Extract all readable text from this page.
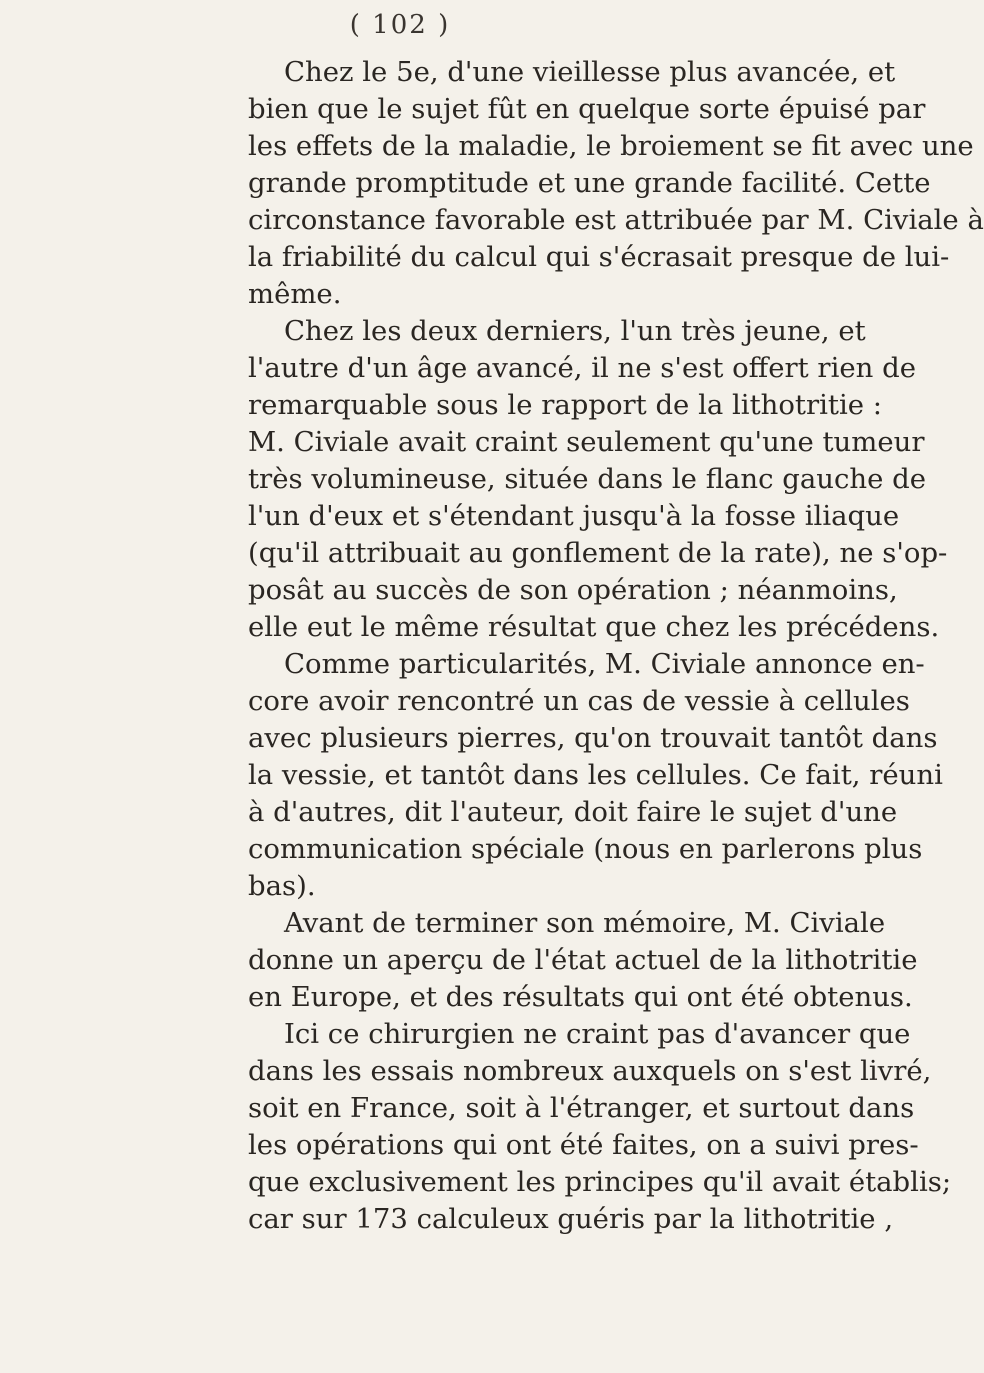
( 102 )
Chez le 5e, d'une vieillesse plus avancée, et
bien que le sujet fût en quelque sorte épuisé par
les effets de la maladie, le broiement se fit avec une
grande promptitude et une grande facilité. Cette
circonstance favorable est attribuée par M. Civiale à
la friabilité du calcul qui s'écrasait presque de lui-
même.
Chez les deux derniers, l'un très jeune, et
l'autre d'un âge avancé, il ne s'est offert rien de
remarquable sous le rapport de la lithotritie :
M. Civiale avait craint seulement qu'une tumeur
très volumineuse, située dans le flanc gauche de
l'un d'eux et s'étendant jusqu'à la fosse iliaque
(qu'il attribuait au gonflement de la rate), ne s'op-
posât au succès de son opération ; néanmoins,
elle eut le même résultat que chez les précédens.
Comme particularités, M. Civiale annonce en-
core avoir rencontré un cas de vessie à cellules
avec plusieurs pierres, qu'on trouvait tantôt dans
la vessie, et tantôt dans les cellules. Ce fait, réuni
à d'autres, dit l'auteur, doit faire le sujet d'une
communication spéciale (nous en parlerons plus
bas).
Avant de terminer son mémoire, M. Civiale
donne un aperçu de l'état actuel de la lithotritie
en Europe, et des résultats qui ont été obtenus.
Ici ce chirurgien ne craint pas d'avancer que
dans les essais nombreux auxquels on s'est livré,
soit en France, soit à l'étranger, et surtout dans
les opérations qui ont été faites, on a suivi pres-
que exclusivement les principes qu'il avait établis;
car sur 173 calculeux guéris par la lithotritie ,
